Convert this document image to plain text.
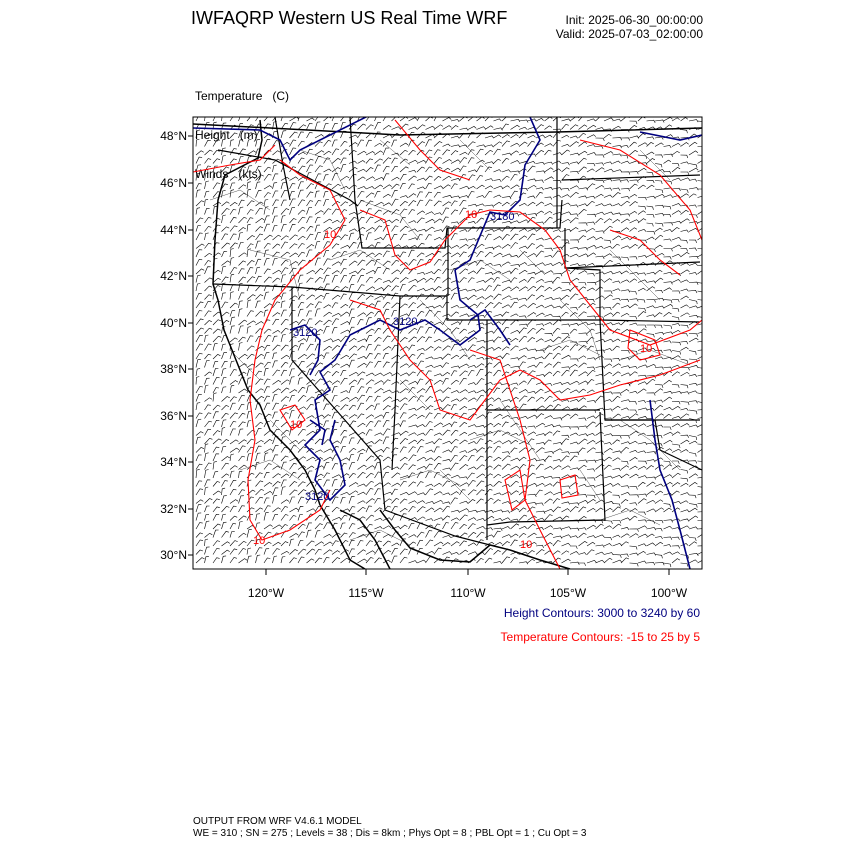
IWFAQRP Western US Real Time WRF	Init: 2025-06-30_00:00:00
Valid: 2025-07-03_02:00:00

Temperature   (C)

Height   (m)

Winds   (kts)

3120
3120
3120
3180
10
10
10
10
10
10
48°N
46°N
44°N
42°N
40°N
38°N
36°N
34°N
32°N
30°N
120°W	115°W	110°W	105°W	100°W
Height Contours: 3000 to 3240 by 60
Temperature Contours: -15 to 25 by 5
OUTPUT FROM WRF V4.6.1 MODEL
WE = 310 ; SN = 275 ; Levels = 38 ; Dis = 8km ; Phys Opt = 8 ; PBL Opt = 1 ; Cu Opt = 3
